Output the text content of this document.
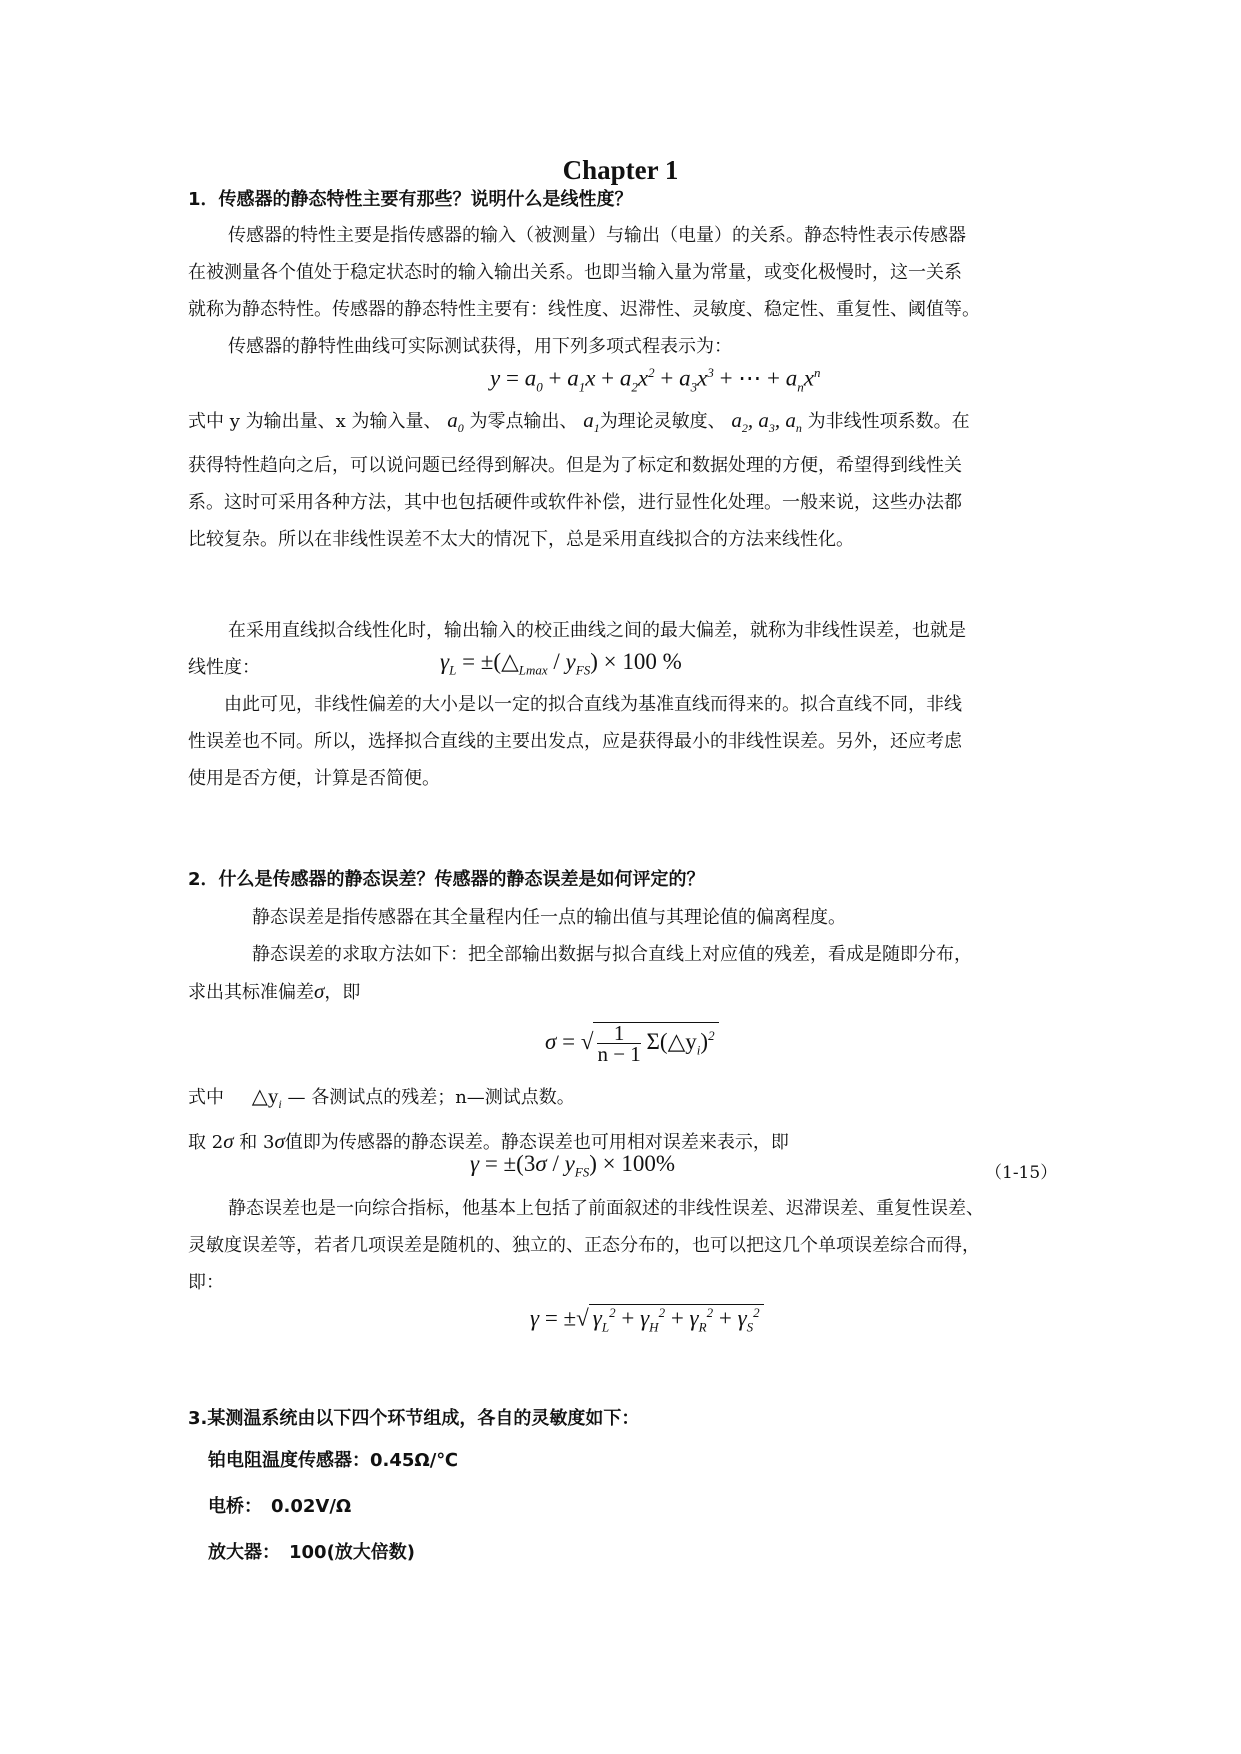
Chapter 1
1．传感器的静态特性主要有那些？说明什么是线性度？
传感器的特性主要是指传感器的输入（被测量）与输出（电量）的关系。静态特性表示传感器
在被测量各个值处于稳定状态时的输入输出关系。也即当输入量为常量，或变化极慢时，这一关系
就称为静态特性。传感器的静态特性主要有：线性度、迟滞性、灵敏度、稳定性、重复性、阈值等。
传感器的静特性曲线可实际测试获得，用下列多项式程表示为：
$y = a_0 + a_1x + a_2x^2 + a_3x^3$ + ⋯ + $a_nx^n$
式中 y 为输出量、x 为输入量、 $a_0$ 为零点输出、 $a_1$为理论灵敏度、 $a_2$, $a_3$, $a_n$ 为非线性项系数。在
获得特性趋向之后，可以说问题已经得到解决。但是为了标定和数据处理的方便，希望得到线性关
系。这时可采用各种方法，其中也包括硬件或软件补偿，进行显性化处理。一般来说，这些办法都
比较复杂。所以在非线性误差不太大的情况下，总是采用直线拟合的方法来线性化。
在采用直线拟合线性化时，输出输入的校正曲线之间的最大偏差，就称为非线性误差，也就是
线性度：	$\gamma_L$ = $\pm(\triangle_{Lmax} / y_{FS}) \times 100$ %
由此可见，非线性偏差的大小是以一定的拟合直线为基准直线而得来的。拟合直线不同，非线
性误差也不同。所以，选择拟合直线的主要出发点，应是获得最小的非线性误差。另外，还应考虑
使用是否方便，计算是否简便。
2．什么是传感器的静态误差？传感器的静态误差是如何评定的？
静态误差是指传感器在其全量程内任一点的输出值与其理论值的偏离程度。
静态误差的求取方法如下：把全部输出数据与拟合直线上对应值的残差，看成是随即分布，
求出其标准偏差σ，即
σ = √ $\frac{1}{n - 1}$ $\Sigma(\triangle y_i)^2$
式中 $\triangle y_i$ — 各测试点的残差；n—测试点数。
取 2σ 和 3σ值即为传感器的静态误差。静态误差也可用相对误差来表示，即
$\gamma = \pm(3\sigma / y_{FS}) \times 100\%$	（1-15）
静态误差也是一向综合指标，他基本上包括了前面叙述的非线性误差、迟滞误差、重复性误差、
灵敏度误差等，若者几项误差是随机的、独立的、正态分布的，也可以把这几个单项误差综合而得，
即：
γ = ±√ $\gamma_L^2 + \gamma_H^2 + \gamma_R^2 + \gamma_S^2$
3.某测温系统由以下四个环节组成，各自的灵敏度如下：
铂电阻温度传感器：0.45Ω/℃
电桥：　0.02V/Ω
放大器：　100(放大倍数)
